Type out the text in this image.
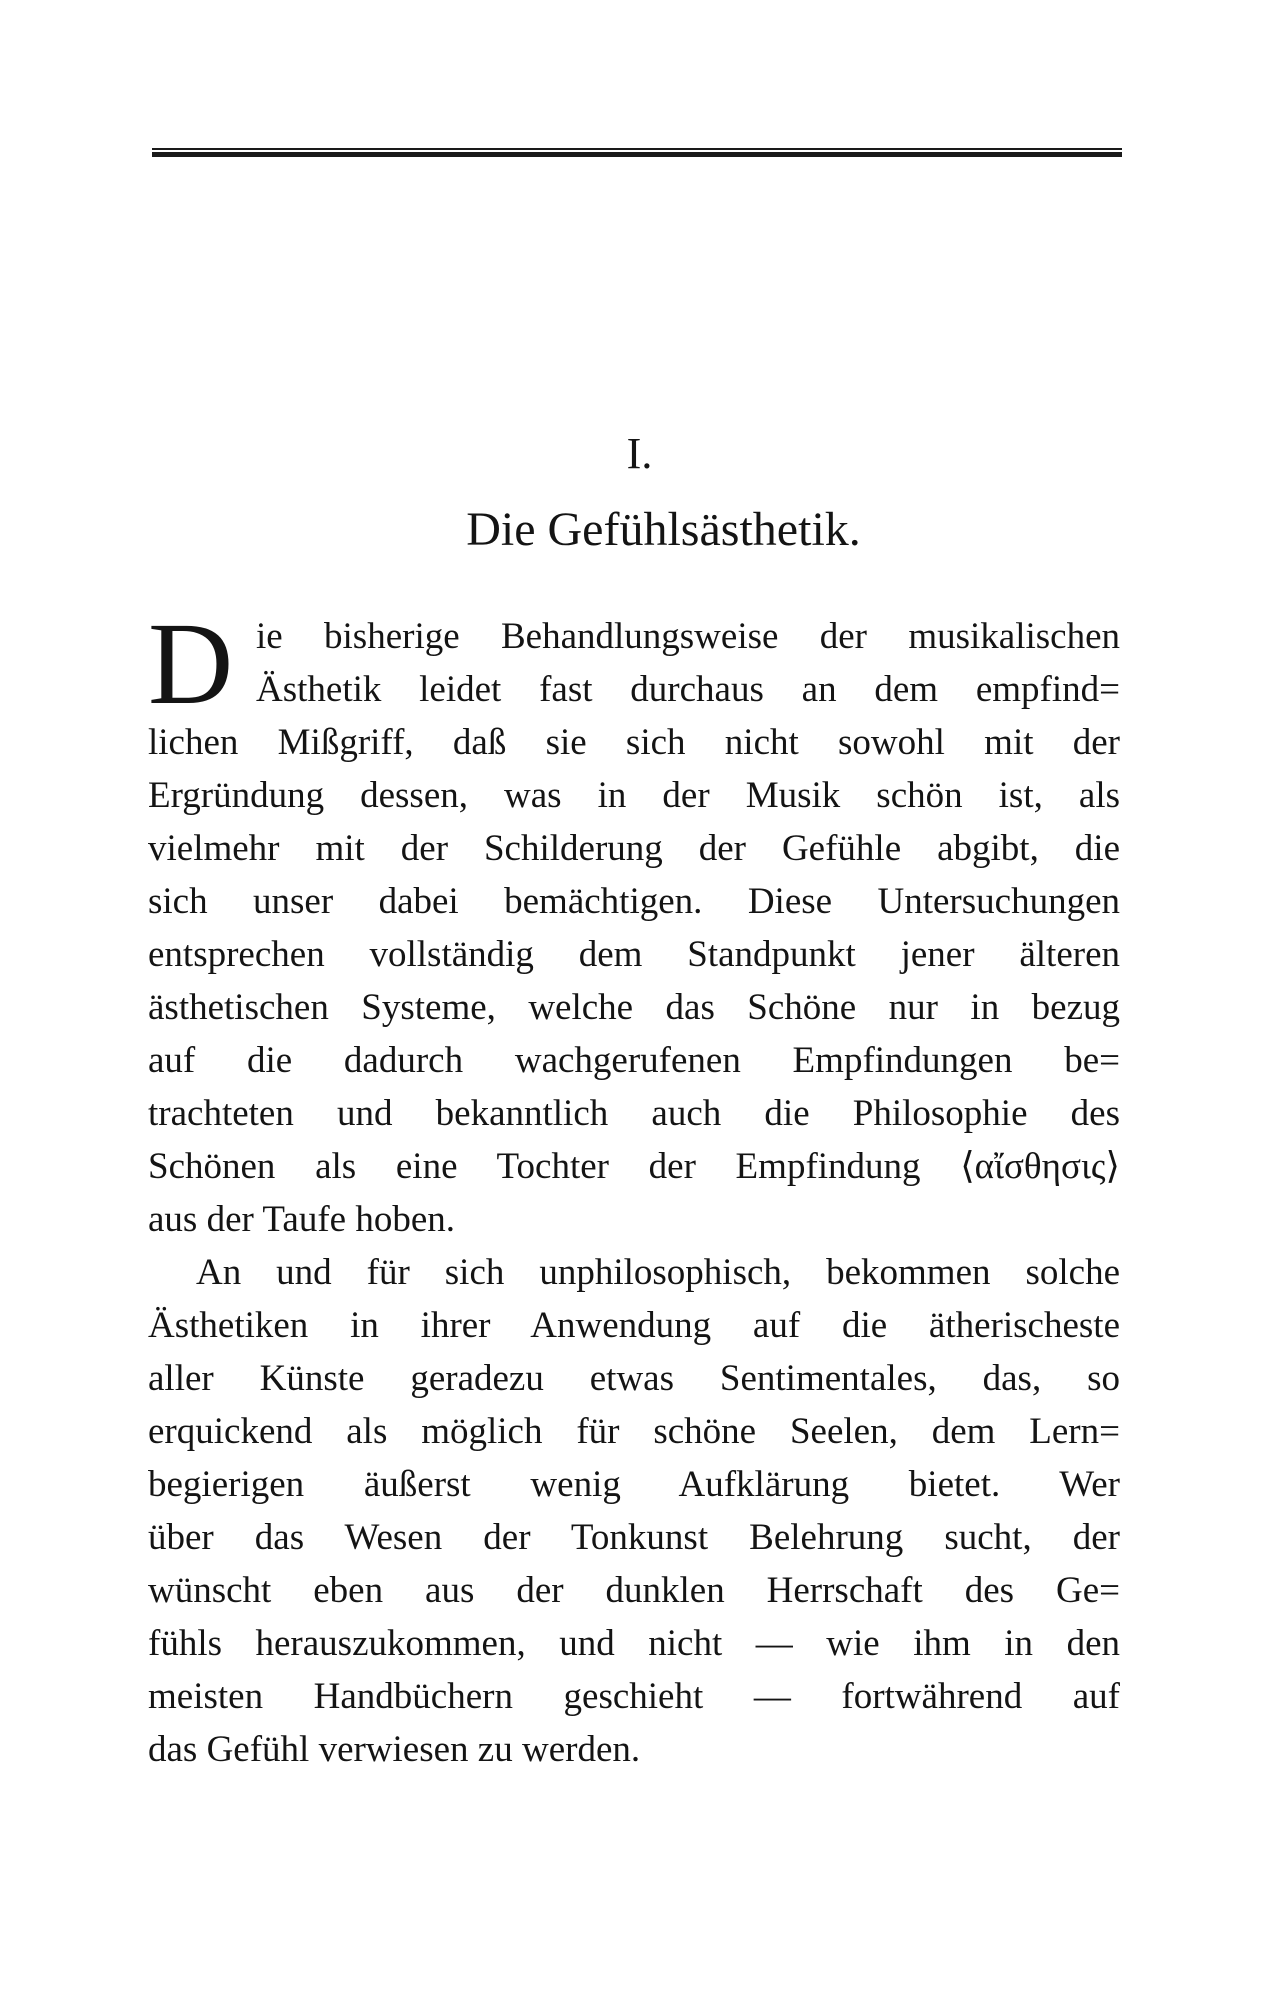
I.
Die Gefühlsästhetik.
D ie bisherige Behandlungsweise der musikalischen
Ästhetik leidet fast durchaus an dem empfind=
lichen Mißgriff, daß sie sich nicht sowohl mit der
Ergründung dessen, was in der Musik schön ist, als
vielmehr mit der Schilderung der Gefühle abgibt, die
sich unser dabei bemächtigen. Diese Untersuchungen
entsprechen vollständig dem Standpunkt jener älteren
ästhetischen Systeme, welche das Schöne nur in bezug
auf die dadurch wachgerufenen Empfindungen be=
trachteten und bekanntlich auch die Philosophie des
Schönen als eine Tochter der Empfindung ⟨αἴσθησις⟩
aus der Taufe hoben.
An und für sich unphilosophisch, bekommen solche
Ästhetiken in ihrer Anwendung auf die ätherischeste
aller Künste geradezu etwas Sentimentales, das, so
erquickend als möglich für schöne Seelen, dem Lern=
begierigen äußerst wenig Aufklärung bietet. Wer
über das Wesen der Tonkunst Belehrung sucht, der
wünscht eben aus der dunklen Herrschaft des Ge=
fühls herauszukommen, und nicht — wie ihm in den
meisten Handbüchern geschieht — fortwährend auf
das Gefühl verwiesen zu werden.
